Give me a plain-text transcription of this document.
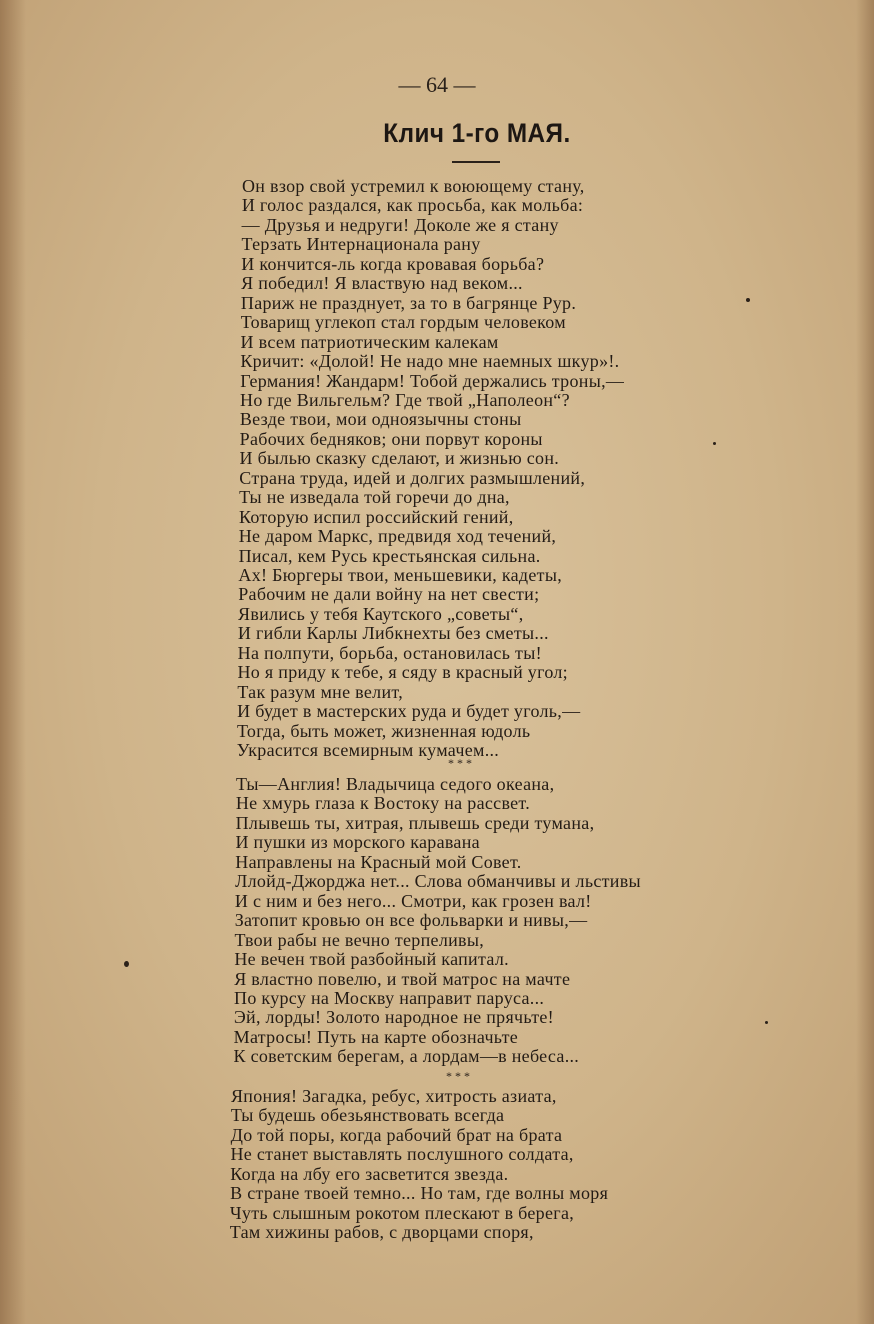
— 64 —
Клич 1-го МАЯ.
Он взор свой устремил к воюющему стану,
И голос раздался, как просьба, как мольба:
— Друзья и недруги! Доколе же я стану
Терзать Интернационала рану
И кончится-ль когда кровавая борьба?
Я победил! Я властвую над веком...
Париж не празднует, за то в багрянце Рур.
Товарищ углекоп стал гордым человеком
И всем патриотическим калекам
Кричит: «Долой! Не надо мне наемных шкур»!.
Германия! Жандарм! Тобой держались троны,—
Но где Вильгельм? Где твой „Наполеон“?
Везде твои, мои одноязычны стоны
Рабочих бедняков; они порвут короны
И былью сказку сделают, и жизнью сон.
Страна труда, идей и долгих размышлений,
Ты не изведала той горечи до дна,
Которую испил российский гений,
Не даром Маркс, предвидя ход течений,
Писал, кем Русь крестьянская сильна.
Ах! Бюргеры твои, меньшевики, кадеты,
Рабочим не дали войну на нет свести;
Явились у тебя Каутского „советы“,
И гибли Карлы Либкнехты без сметы...
На полпути, борьба, остановилась ты!
Но я приду к тебе, я сяду в красный угол;
Так разум мне велит,
И будет в мастерских руда и будет уголь,—
Тогда, быть может, жизненная юдоль
Украсится всемирным кумачем...
Ты—Англия! Владычица седого океана,
Не хмурь глаза к Востоку на рассвет.
Плывешь ты, хитрая, плывешь среди тумана,
И пушки из морского каравана
Направлены на Красный мой Совет.
Ллойд-Джорджа нет... Слова обманчивы и льстивы
И с ним и без него... Смотри, как грозен вал!
Затопит кровью он все фольварки и нивы,—
Твои рабы не вечно терпеливы,
Не вечен твой разбойный капитал.
Я властно повелю, и твой матрос на мачте
По курсу на Москву направит паруса...
Эй, лорды! Золото народное не прячьте!
Матросы! Путь на карте обозначьте
К советским берегам, а лордам—в небеса...
Япония! Загадка, ребус, хитрость азиата,
Ты будешь обезьянствовать всегда
До той поры, когда рабочий брат на брата
Не станет выставлять послушного солдата,
Когда на лбу его засветится звезда.
В стране твоей темно... Но там, где волны моря
Чуть слышным рокотом плескают в берега,
Там хижины рабов, с дворцами споря,
* * *
* * *
